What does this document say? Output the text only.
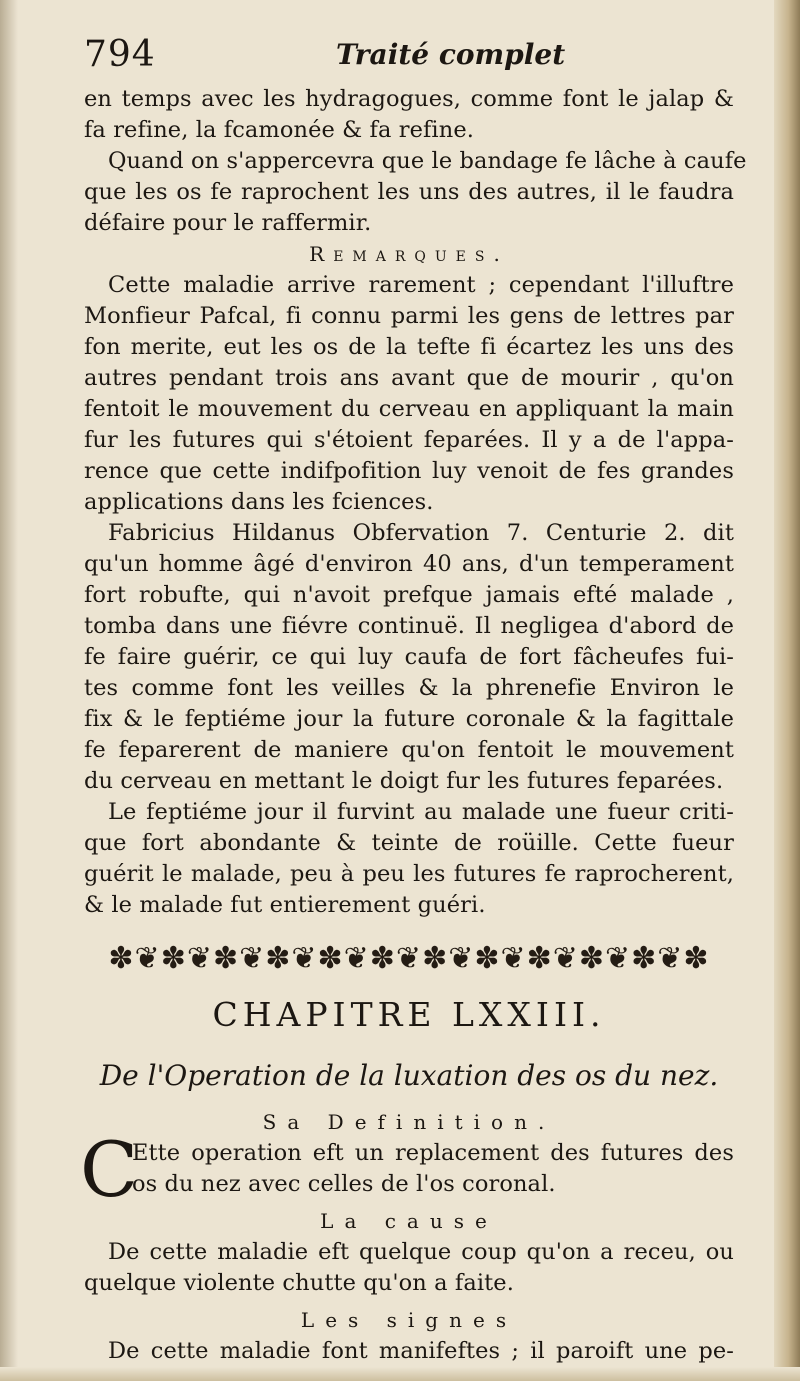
794	Traité complet
en temps avec les hydragogues, comme font le jalap &
fa refine, la fcamonée & fa refine.
Quand on s'appercevra que le bandage fe lâche à caufe
que les os fe raprochent les uns des autres, il le faudra
défaire pour le raffermir.
Remarques.
Cette maladie arrive rarement ; cependant l'illuftre
Monfieur Pafcal, fi connu parmi les gens de lettres par
fon merite, eut les os de la tefte fi écartez les uns des
autres pendant trois ans avant que de mourir , qu'on
fentoit le mouvement du cerveau en appliquant la main
fur les futures qui s'étoient feparées. Il y a de l'appa-
rence que cette indifpofition luy venoit de fes grandes
applications dans les fciences.
Fabricius Hildanus Obfervation 7. Centurie 2. dit
qu'un homme âgé d'environ 40 ans, d'un temperament
fort robufte, qui n'avoit prefque jamais efté malade ,
tomba dans une fiévre continuë. Il negligea d'abord de
fe faire guérir, ce qui luy caufa de fort fâcheufes fui-
tes comme font les veilles & la phrenefie Environ le
fix & le feptiéme jour la future coronale & la fagittale
fe feparerent de maniere qu'on fentoit le mouvement
du cerveau en mettant le doigt fur les futures feparées.
Le feptiéme jour il furvint au malade une fueur criti-
que fort abondante & teinte de roüille. Cette fueur
guérit le malade, peu à peu les futures fe raprocherent,
& le malade fut entierement guéri.
✽❦✽❦✽❦✽❦✽❦✽❦✽❦✽❦✽❦✽❦✽❦✽
CHAPITRE LXXIII.
De l'Operation de la luxation des os du nez.
Sa Definition.
C
Ette operation eft un replacement des futures des
os du nez avec celles de l'os coronal.
La cause
De cette maladie eft quelque coup qu'on a receu, ou
quelque violente chutte qu'on a faite.
Les signes
De cette maladie font manifeftes ; il paroift une pe-
